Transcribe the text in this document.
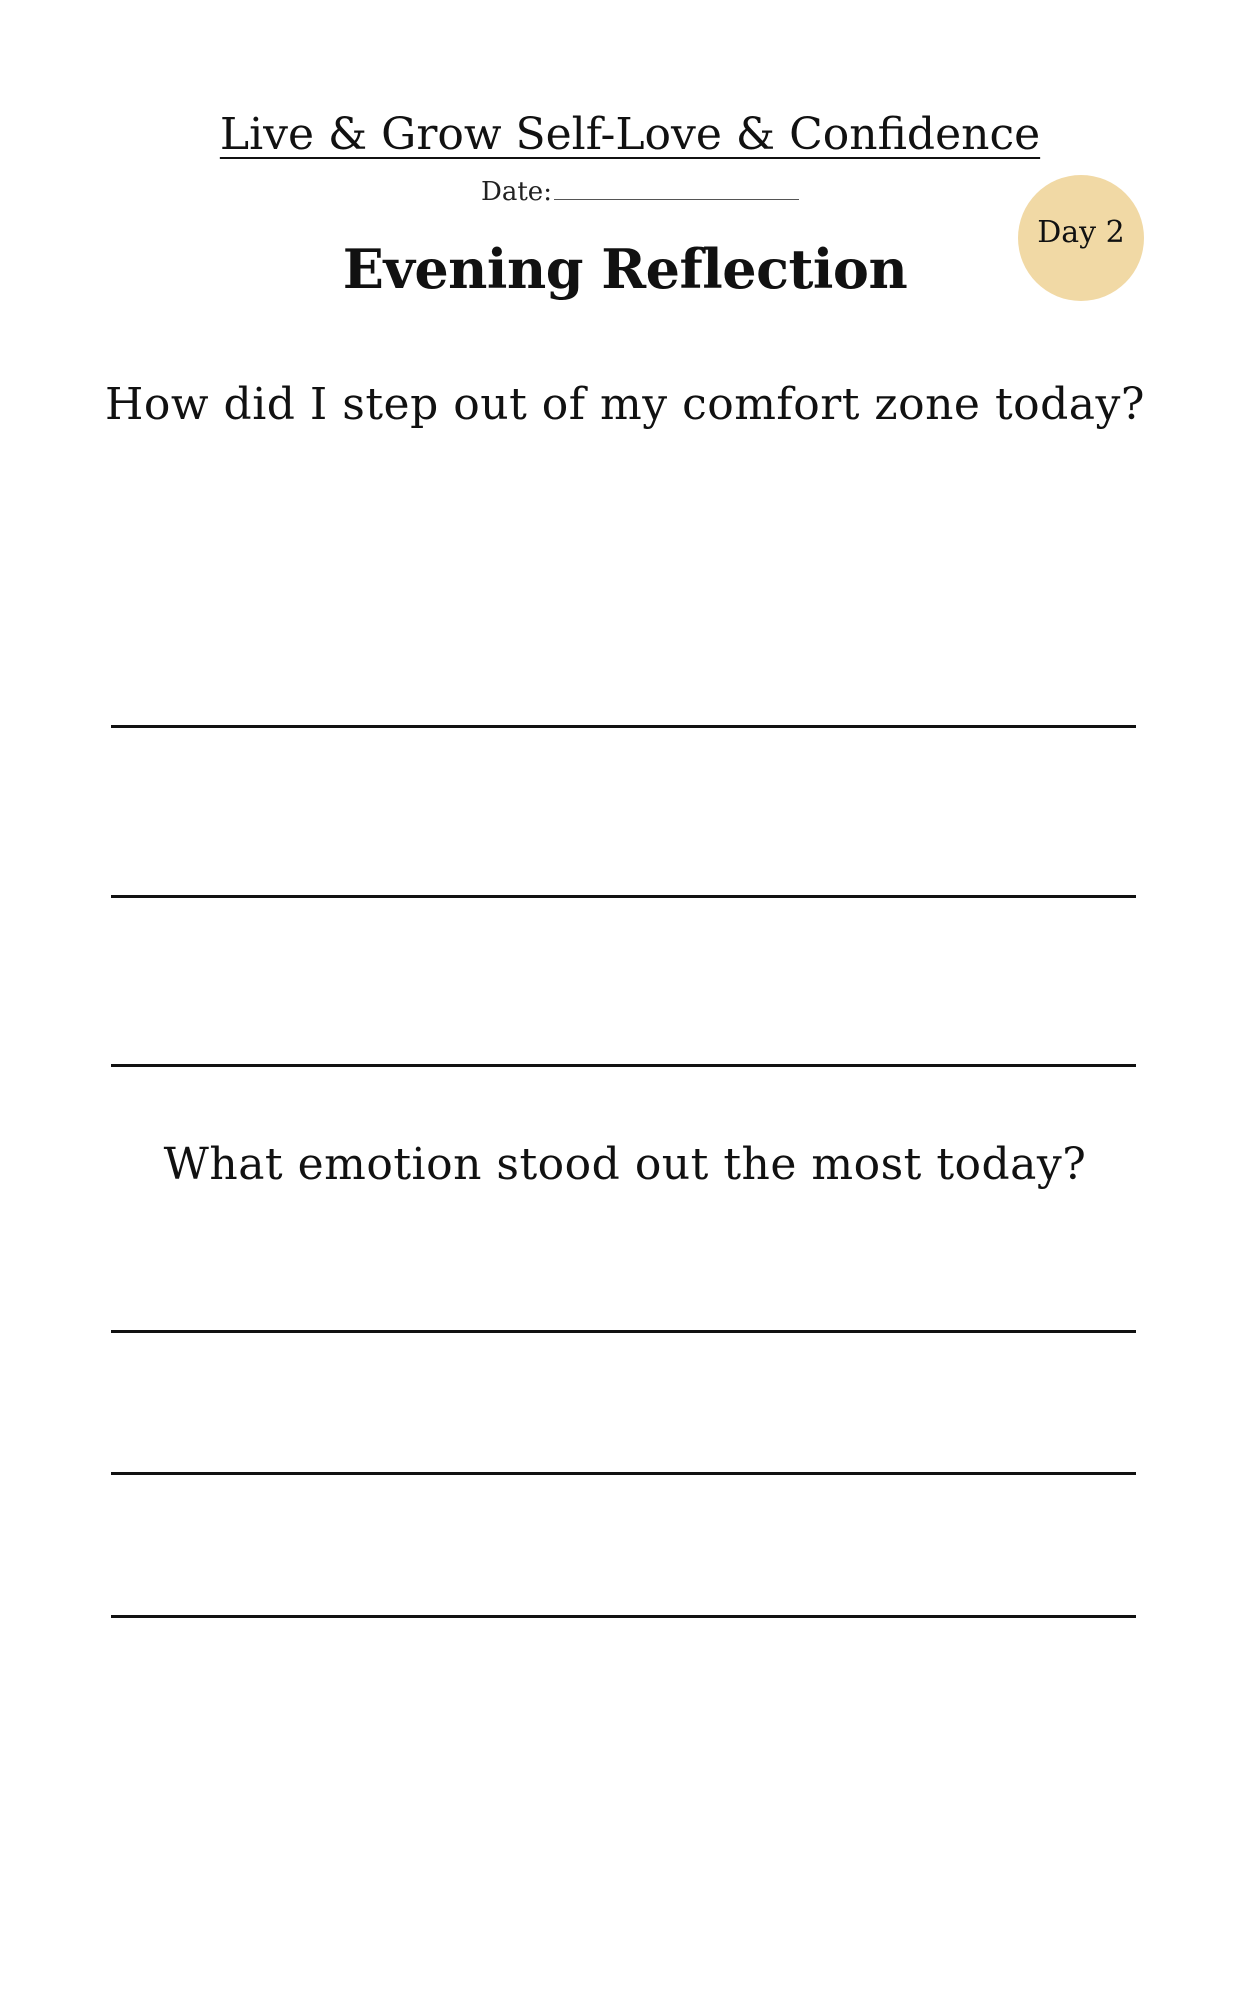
Live & Grow Self-Love & Confidence
Date:
Day 2
Evening Reflection
How did I step out of my comfort zone today?
What emotion stood out the most today?
